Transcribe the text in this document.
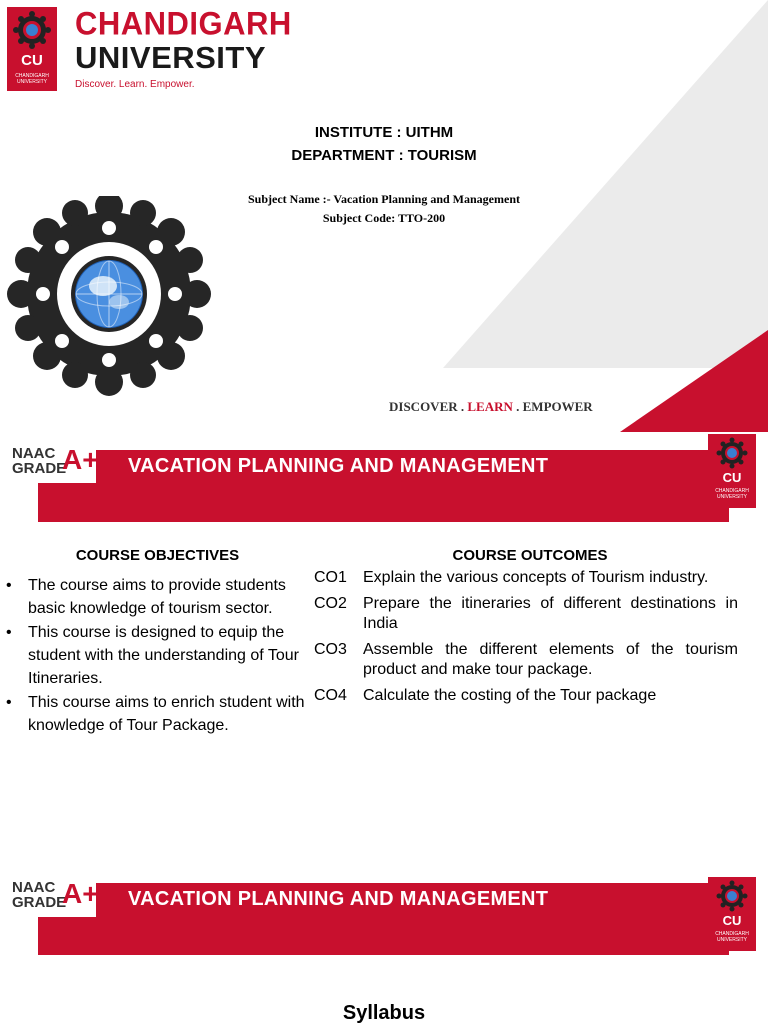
CU
CHANDIGARH UNIVERSITY
CHANDIGARH
UNIVERSITY
Discover. Learn. Empower.
INSTITUTE : UITHM
DEPARTMENT : TOURISM
Subject Name :- Vacation Planning and Management
Subject Code: TTO-200
DISCOVER . LEARN . EMPOWER
VACATION PLANNING AND MANAGEMENT
NAAC
GRADE
A+
CU
CHANDIGARH UNIVERSITY
COURSE OBJECTIVES	COURSE OUTCOMES
• The course aims to provide students basic knowledge of tourism sector.
• This course is designed to equip the student with the understanding of Tour Itineraries.
• This course aims to enrich student with knowledge of Tour Package.
CO1 Explain the various concepts of Tourism industry.
CO2 Prepare the itineraries of different destinations in India
CO3 Assemble the different elements of the tourism product and make tour package.
CO4 Calculate the costing of the Tour package
VACATION PLANNING AND MANAGEMENT
NAAC
GRADE
A+
CU
CHANDIGARH UNIVERSITY
Syllabus
